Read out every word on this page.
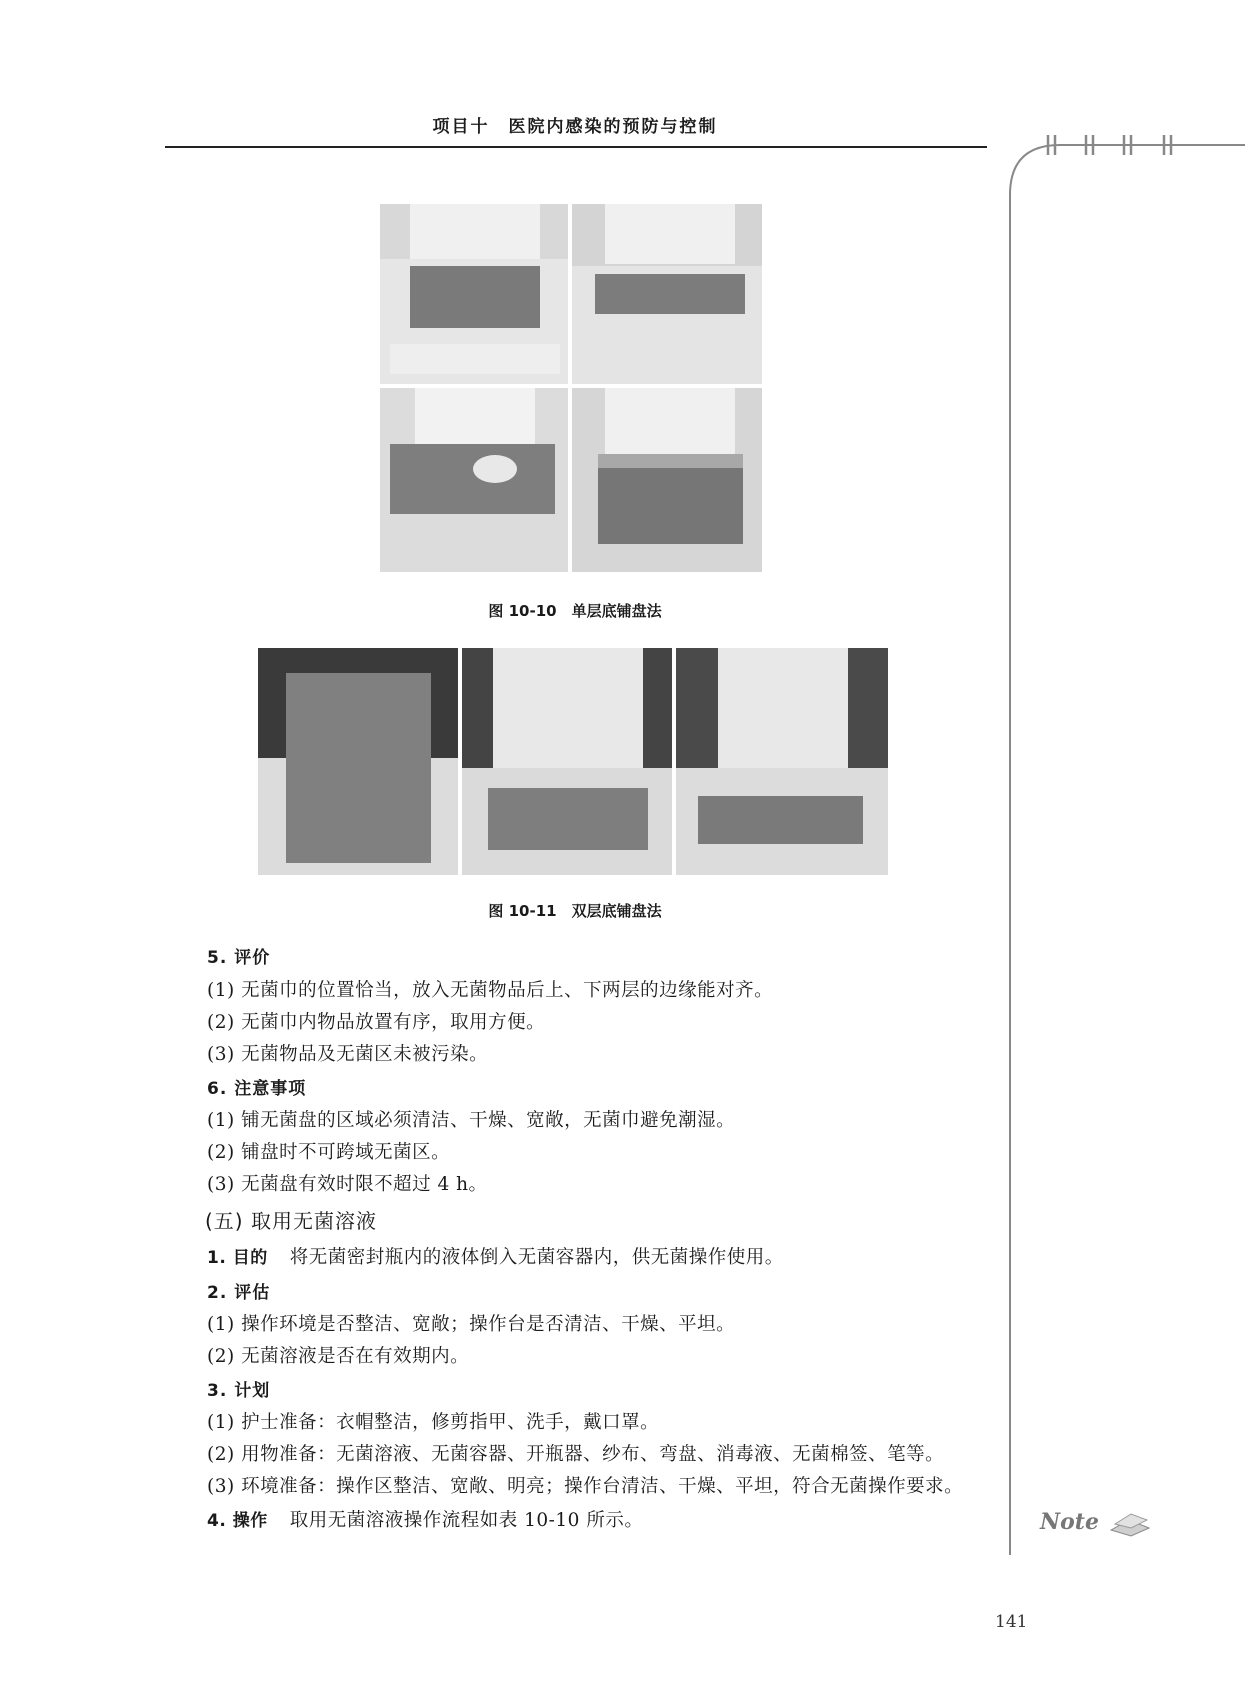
项目十　医院内感染的预防与控制
图 10-10　单层底铺盘法
图 10-11　双层底铺盘法
5. 评价
(1) 无菌巾的位置恰当，放入无菌物品后上、下两层的边缘能对齐。
(2) 无菌巾内物品放置有序，取用方便。
(3) 无菌物品及无菌区未被污染。
6. 注意事项
(1) 铺无菌盘的区域必须清洁、干燥、宽敞，无菌巾避免潮湿。
(2) 铺盘时不可跨域无菌区。
(3) 无菌盘有效时限不超过 4 h。
(五) 取用无菌溶液
1. 目的 将无菌密封瓶内的液体倒入无菌容器内，供无菌操作使用。
2. 评估
(1) 操作环境是否整洁、宽敞；操作台是否清洁、干燥、平坦。
(2) 无菌溶液是否在有效期内。
3. 计划
(1) 护士准备：衣帽整洁，修剪指甲、洗手，戴口罩。
(2) 用物准备：无菌溶液、无菌容器、开瓶器、纱布、弯盘、消毒液、无菌棉签、笔等。
(3) 环境准备：操作区整洁、宽敞、明亮；操作台清洁、干燥、平坦，符合无菌操作要求。
4. 操作 取用无菌溶液操作流程如表 10-10 所示。	Note
141
